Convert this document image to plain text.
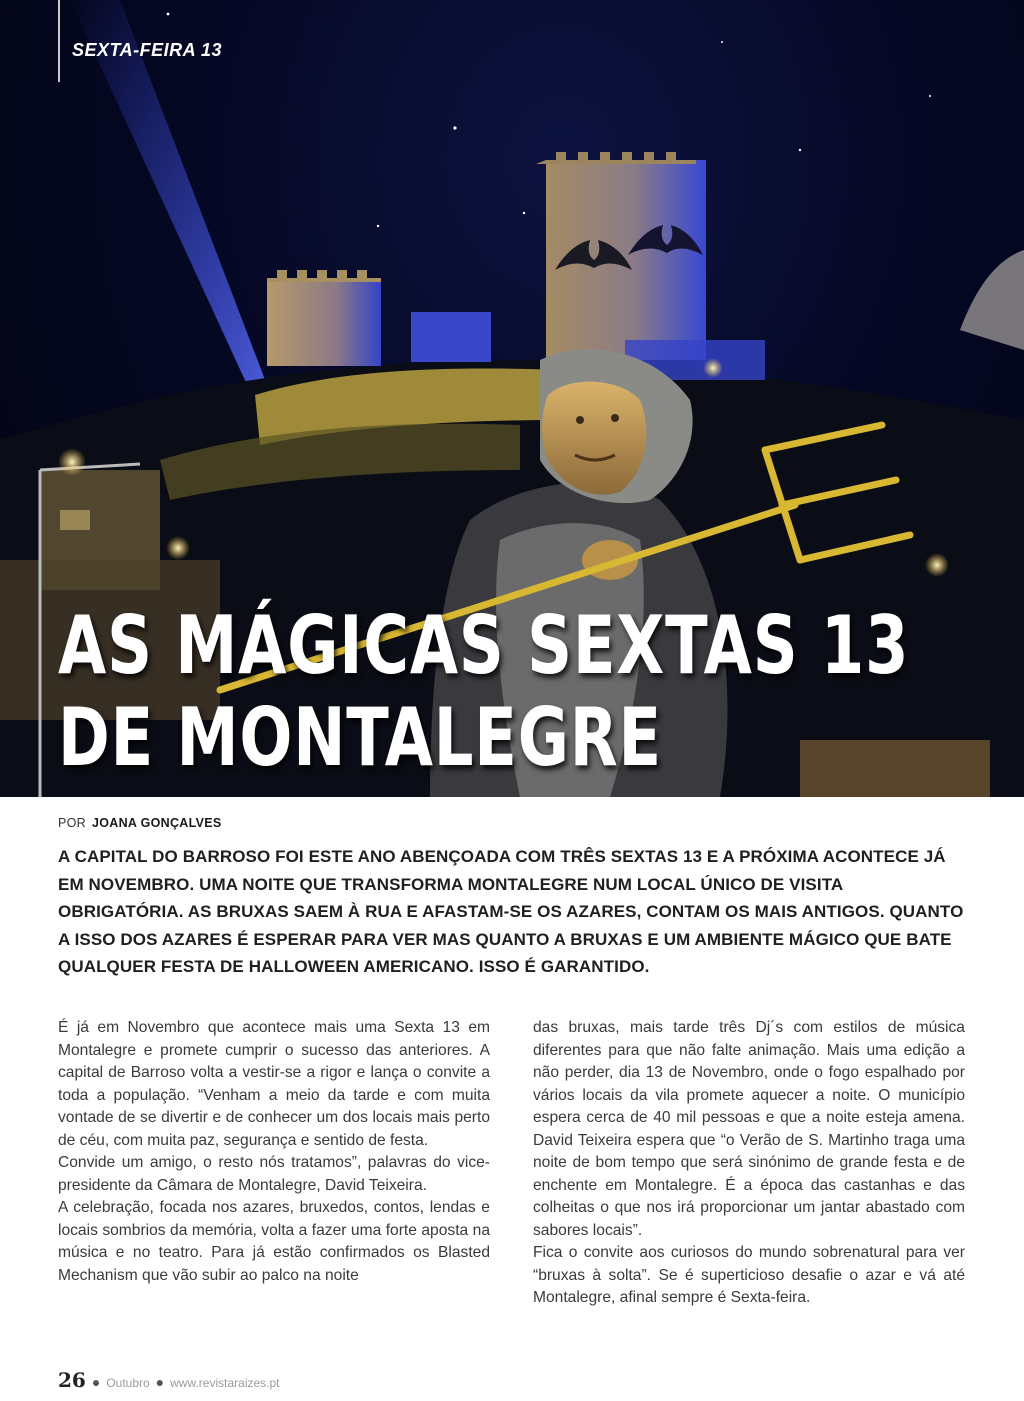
SEXTA-FEIRA 13

AS MÁGICAS SEXTAS 13
DE MONTALEGRE

POR JOANA GONÇALVES

A CAPITAL DO BARROSO FOI ESTE ANO ABENÇOADA COM TRÊS SEXTAS 13 E A PRÓXIMA ACONTECE JÁ EM NOVEMBRO. UMA NOITE QUE TRANSFORMA MONTALEGRE NUM LOCAL ÚNICO DE VISITA OBRIGATÓRIA. AS BRUXAS SAEM À RUA E AFASTAM-SE OS AZARES, CONTAM OS MAIS ANTIGOS. QUANTO A ISSO DOS AZARES É ESPERAR PARA VER MAS QUANTO A BRUXAS E UM AMBIENTE MÁGICO QUE BATE QUALQUER FESTA DE HALLOWEEN AMERICANO. ISSO É GARANTIDO.

É já em Novembro que acontece mais uma Sexta 13 em Montalegre e promete cumprir o sucesso das anteriores. A capital de Barroso volta a vestir-se a rigor e lança o convite a toda a população. “Venham a meio da tarde e com muita vontade de se divertir e de conhecer um dos locais mais perto de céu, com muita paz, segurança e sentido de festa.

Convide um amigo, o resto nós tratamos”, palavras do vice-presidente da Câmara de Montalegre, David Teixeira.

A celebração, focada nos azares, bruxedos, contos, lendas e locais sombrios da memória, volta a fazer uma forte aposta na música e no teatro. Para já estão confirmados os Blasted Mechanism que vão subir ao palco na noite

das bruxas, mais tarde três Dj´s com estilos de música diferentes para que não falte animação. Mais uma edição a não perder, dia 13 de Novembro, onde o fogo espalhado por vários locais da vila promete aquecer a noite. O município espera cerca de 40 mil pessoas e que a noite esteja amena. David Teixeira espera que “o Verão de S. Martinho traga uma noite de bom tempo que será sinónimo de grande festa e de enchente em Montalegre. É a época das castanhas e das colheitas o que nos irá proporcionar um jantar abastado com sabores locais”.

Fica o convite aos curiosos do mundo sobrenatural para ver “bruxas à solta”. Se é superticioso desafie o azar e vá até Montalegre, afinal sempre é Sexta-feira.

26 ● Outubro ● www.revistaraizes.pt
